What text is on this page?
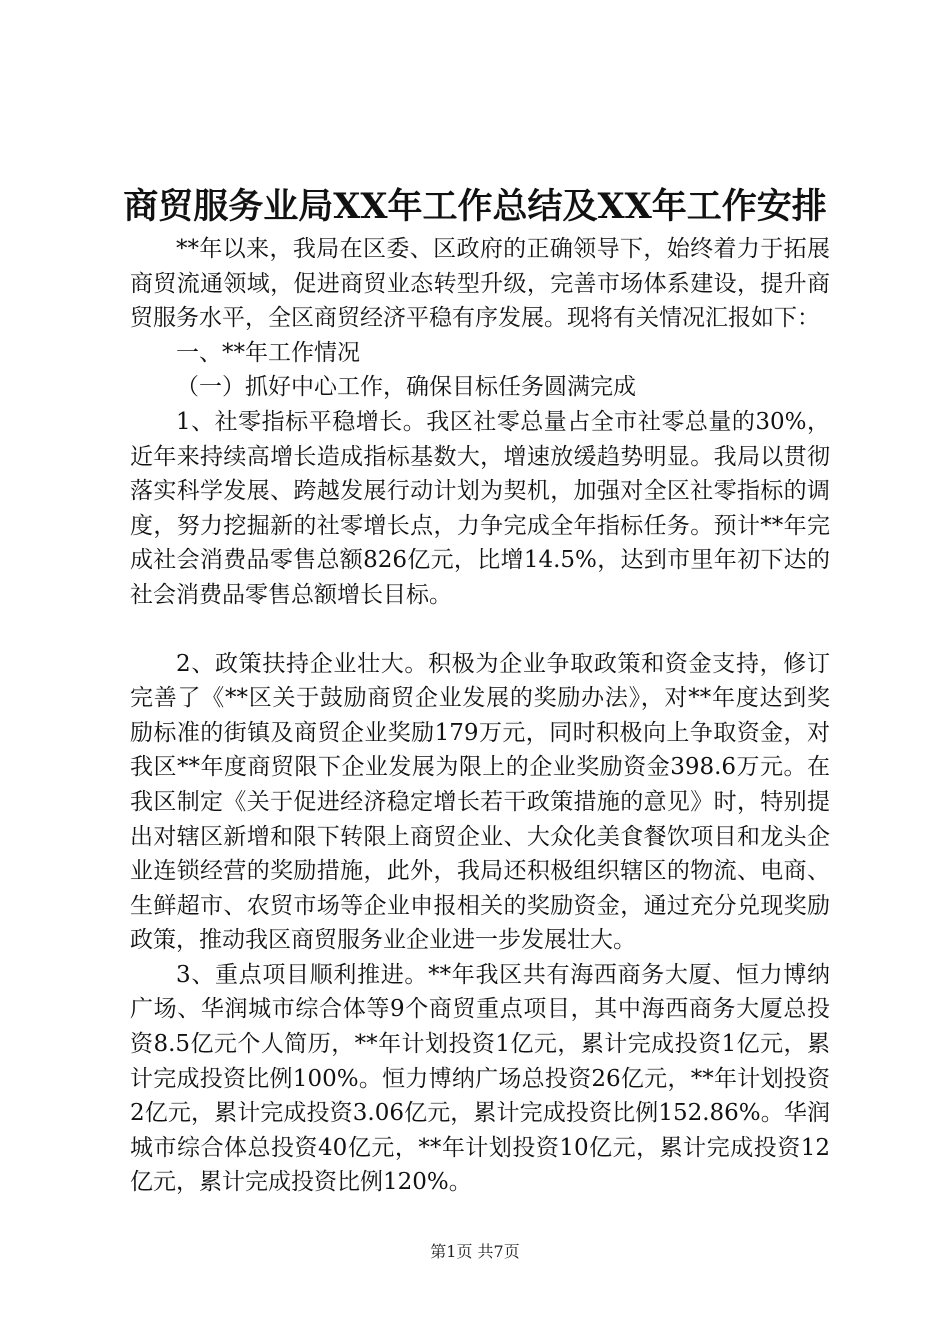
商贸服务业局XX年工作总结及XX年工作安排

**年以来，我局在区委、区政府的正确领导下，始终着力于拓展商贸流通领域，促进商贸业态转型升级，完善市场体系建设，提升商贸服务水平，全区商贸经济平稳有序发展。现将有关情况汇报如下：

一、**年工作情况

（一）抓好中心工作，确保目标任务圆满完成

1、社零指标平稳增长。我区社零总量占全市社零总量的30%，近年来持续高增长造成指标基数大，增速放缓趋势明显。我局以贯彻落实科学发展、跨越发展行动计划为契机，加强对全区社零指标的调度，努力挖掘新的社零增长点，力争完成全年指标任务。预计**年完成社会消费品零售总额826亿元，比增14.5%，达到市里年初下达的社会消费品零售总额增长目标。

2、政策扶持企业壮大。积极为企业争取政策和资金支持，修订完善了《**区关于鼓励商贸企业发展的奖励办法》，对**年度达到奖励标准的街镇及商贸企业奖励179万元，同时积极向上争取资金，对我区**年度商贸限下企业发展为限上的企业奖励资金398.6万元。在我区制定《关于促进经济稳定增长若干政策措施的意见》时，特别提出对辖区新增和限下转限上商贸企业、大众化美食餐饮项目和龙头企业连锁经营的奖励措施，此外，我局还积极组织辖区的物流、电商、生鲜超市、农贸市场等企业申报相关的奖励资金，通过充分兑现奖励政策，推动我区商贸服务业企业进一步发展壮大。

3、重点项目顺利推进。**年我区共有海西商务大厦、恒力博纳广场、华润城市综合体等9个商贸重点项目，其中海西商务大厦总投资8.5亿元个人简历，**年计划投资1亿元，累计完成投资1亿元，累计完成投资比例100%。恒力博纳广场总投资26亿元，**年计划投资2亿元，累计完成投资3.06亿元，累计完成投资比例152.86%。华润城市综合体总投资40亿元，**年计划投资10亿元，累计完成投资12亿元，累计完成投资比例120%。

第1页 共7页
